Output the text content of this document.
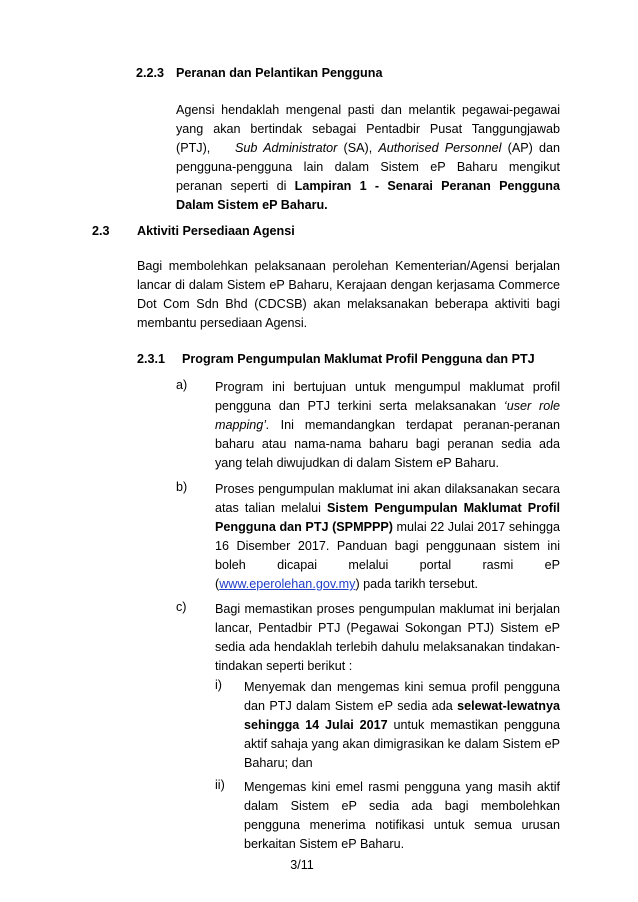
2.2.3 Peranan dan Pelantikan Pengguna
Agensi hendaklah mengenal pasti dan melantik pegawai-pegawai yang akan bertindak sebagai Pentadbir Pusat Tanggungjawab (PTJ), Sub Administrator (SA), Authorised Personnel (AP) dan pengguna-pengguna lain dalam Sistem eP Baharu mengikut peranan seperti di Lampiran 1 - Senarai Peranan Pengguna Dalam Sistem eP Baharu.
2.3 Aktiviti Persediaan Agensi
Bagi membolehkan pelaksanaan perolehan Kementerian/Agensi berjalan lancar di dalam Sistem eP Baharu, Kerajaan dengan kerjasama Commerce Dot Com Sdn Bhd (CDCSB) akan melaksanakan beberapa aktiviti bagi membantu persediaan Agensi.
2.3.1 Program Pengumpulan Maklumat Profil Pengguna dan PTJ
a) Program ini bertujuan untuk mengumpul maklumat profil pengguna dan PTJ terkini serta melaksanakan ‘user role mapping’. Ini memandangkan terdapat peranan-peranan baharu atau nama-nama baharu bagi peranan sedia ada yang telah diwujudkan di dalam Sistem eP Baharu.
b) Proses pengumpulan maklumat ini akan dilaksanakan secara atas talian melalui Sistem Pengumpulan Maklumat Profil Pengguna dan PTJ (SPMPPP) mulai 22 Julai 2017 sehingga 16 Disember 2017. Panduan bagi penggunaan sistem ini boleh dicapai melalui portal rasmi eP (www.eperolehan.gov.my) pada tarikh tersebut.
c) Bagi memastikan proses pengumpulan maklumat ini berjalan lancar, Pentadbir PTJ (Pegawai Sokongan PTJ) Sistem eP sedia ada hendaklah terlebih dahulu melaksanakan tindakan-tindakan seperti berikut :
i) Menyemak dan mengemas kini semua profil pengguna dan PTJ dalam Sistem eP sedia ada selewat-lewatnya sehingga 14 Julai 2017 untuk memastikan pengguna aktif sahaja yang akan dimigrasikan ke dalam Sistem eP Baharu; dan
ii) Mengemas kini emel rasmi pengguna yang masih aktif dalam Sistem eP sedia ada bagi membolehkan pengguna menerima notifikasi untuk semua urusan berkaitan Sistem eP Baharu.
3/11
